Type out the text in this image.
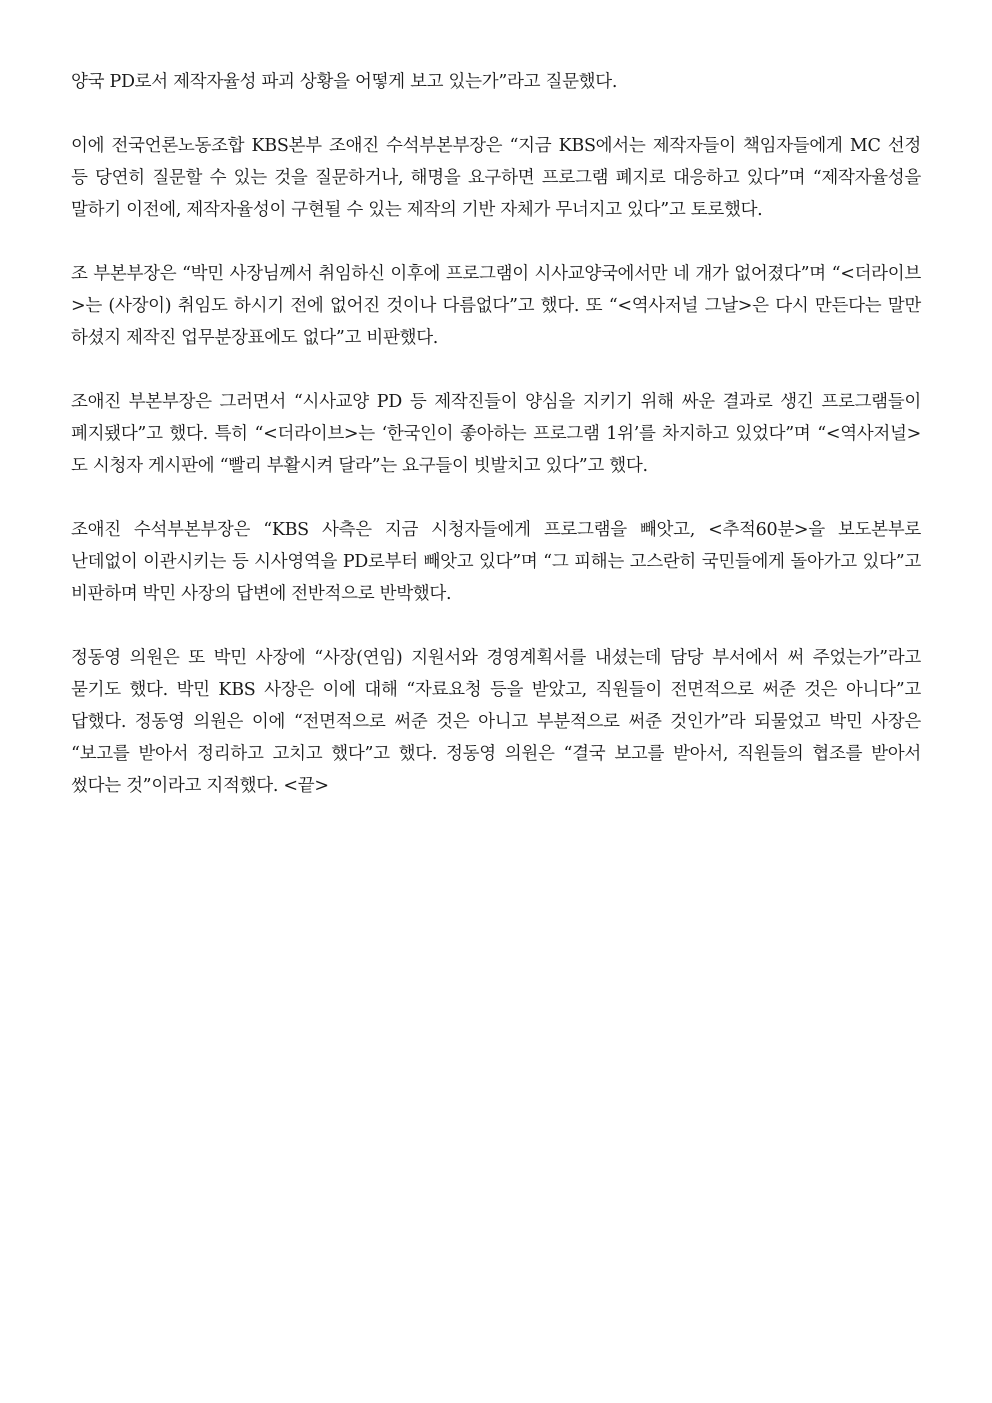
양국 PD로서 제작자율성 파괴 상황을 어떻게 보고 있는가”라고 질문했다.

이에 전국언론노동조합 KBS본부 조애진 수석부본부장은 “지금 KBS에서는 제작자들이 책임자들에게 MC 선정 등 당연히 질문할 수 있는 것을 질문하거나, 해명을 요구하면 프로그램 폐지로 대응하고 있다”며 “제작자율성을 말하기 이전에, 제작자율성이 구현될 수 있는 제작의 기반 자체가 무너지고 있다”고 토로했다.

조 부본부장은 “박민 사장님께서 취임하신 이후에 프로그램이 시사교양국에서만 네 개가 없어졌다”며 “<더라이브>는 (사장이) 취임도 하시기 전에 없어진 것이나 다름없다”고 했다. 또 “<역사저널 그날>은 다시 만든다는 말만 하셨지 제작진 업무분장표에도 없다”고 비판했다.

조애진 부본부장은 그러면서 “시사교양 PD 등 제작진들이 양심을 지키기 위해 싸운 결과로 생긴 프로그램들이 폐지됐다”고 했다. 특히 “<더라이브>는 ‘한국인이 좋아하는 프로그램 1위’를 차지하고 있었다”며 “<역사저널> 도 시청자 게시판에 “빨리 부활시켜 달라”는 요구들이 빗발치고 있다”고 했다.

조애진 수석부본부장은 “KBS 사측은 지금 시청자들에게 프로그램을 빼앗고, <추적60분>을 보도본부로 난데없이 이관시키는 등 시사영역을 PD로부터 빼앗고 있다”며 “그 피해는 고스란히 국민들에게 돌아가고 있다”고 비판하며 박민 사장의 답변에 전반적으로 반박했다.

정동영 의원은 또 박민 사장에 “사장(연임) 지원서와 경영계획서를 내셨는데 담당 부서에서 써 주었는가”라고 묻기도 했다. 박민 KBS 사장은 이에 대해 “자료요청 등을 받았고, 직원들이 전면적으로 써준 것은 아니다”고 답했다. 정동영 의원은 이에 “전면적으로 써준 것은 아니고 부분적으로 써준 것인가”라 되물었고 박민 사장은 “보고를 받아서 정리하고 고치고 했다”고 했다. 정동영 의원은 “결국 보고를 받아서, 직원들의 협조를 받아서 썼다는 것”이라고 지적했다. <끝>
